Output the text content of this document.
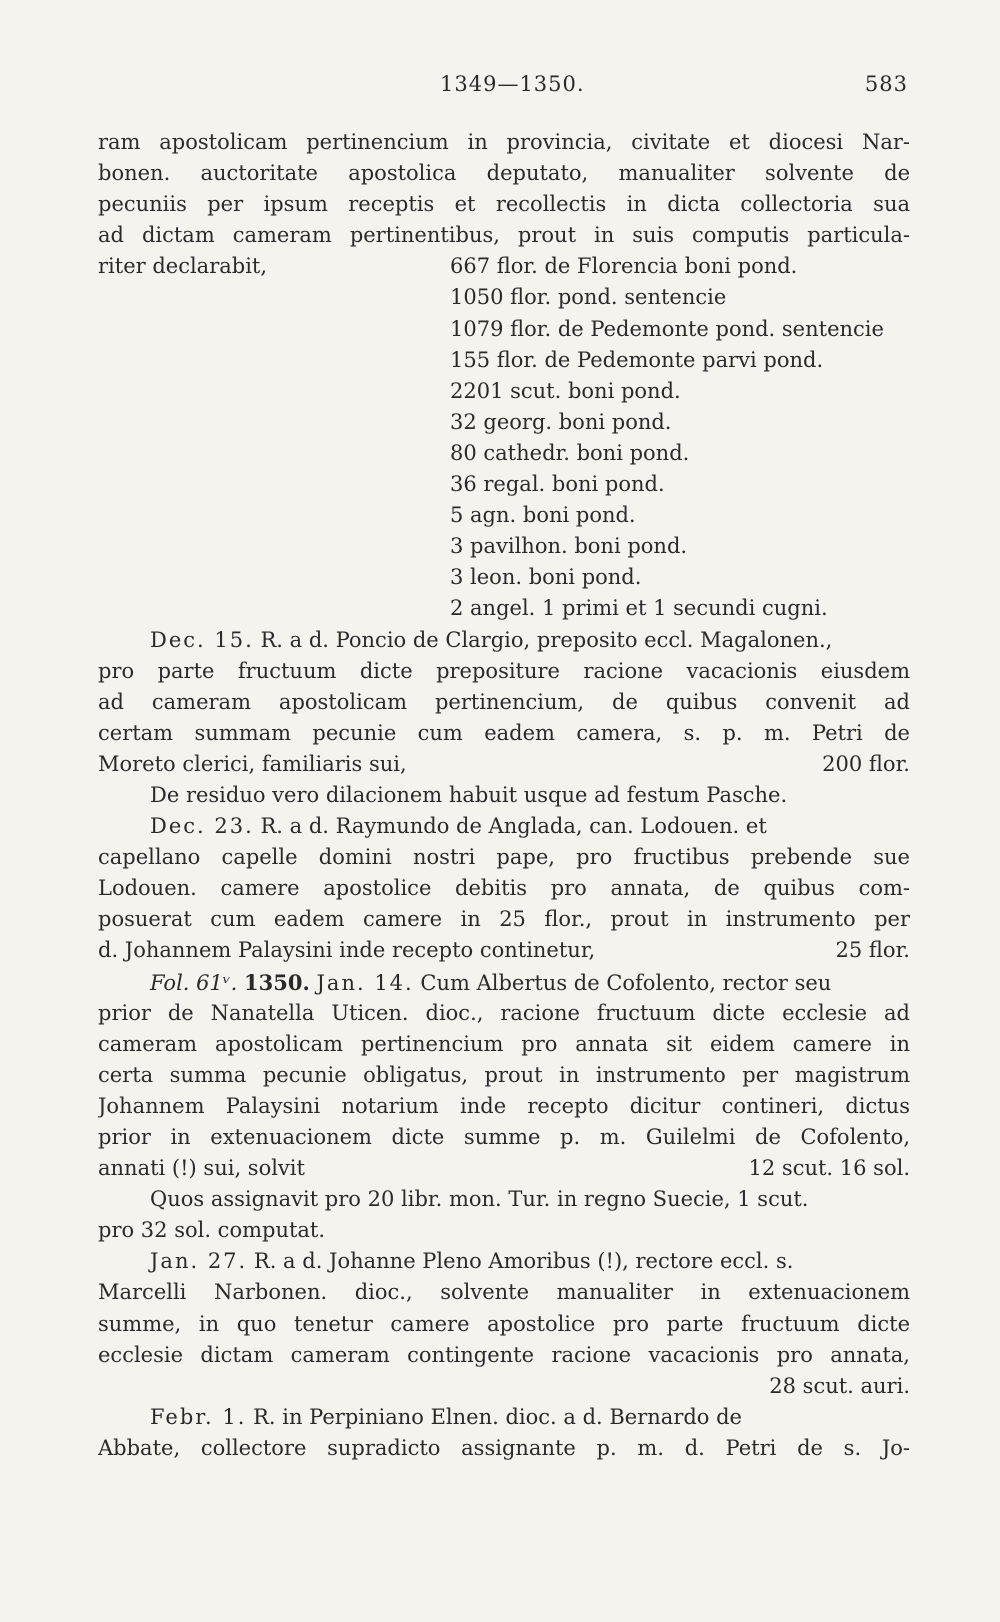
1349—1350.	583
ram apostolicam pertinencium in provincia, civitate et diocesi Nar-
bonen. auctoritate apostolica deputato, manualiter solvente de
pecuniis per ipsum receptis et recollectis in dicta collectoria sua
ad dictam cameram pertinentibus, prout in suis computis particula-
riter declarabit,	667 flor. de Florencia boni pond.
1050 flor. pond. sentencie
1079 flor. de Pedemonte pond. sentencie
155 flor. de Pedemonte parvi pond.
2201 scut. boni pond.
32 georg. boni pond.
80 cathedr. boni pond.
36 regal. boni pond.
5 agn. boni pond.
3 pavilhon. boni pond.
3 leon. boni pond.
2 angel. 1 primi et 1 secundi cugni.
Dec. 15. R. a d. Poncio de Clargio, preposito eccl. Magalonen.,
pro parte fructuum dicte prepositure racione vacacionis eiusdem
ad cameram apostolicam pertinencium, de quibus convenit ad
certam summam pecunie cum eadem camera, s. p. m. Petri de
Moreto clerici, familiaris sui,	200 flor.
De residuo vero dilacionem habuit usque ad festum Pasche.
Dec. 23. R. a d. Raymundo de Anglada, can. Lodouen. et
capellano capelle domini nostri pape, pro fructibus prebende sue
Lodouen. camere apostolice debitis pro annata, de quibus com-
posuerat cum eadem camere in 25 flor., prout in instrumento per
d. Johannem Palaysini inde recepto continetur,	25 flor.
Fol. 61ᵛ. 1350. Jan. 14. Cum Albertus de Cofolento, rector seu
prior de Nanatella Uticen. dioc., racione fructuum dicte ecclesie ad
cameram apostolicam pertinencium pro annata sit eidem camere in
certa summa pecunie obligatus, prout in instrumento per magistrum
Johannem Palaysini notarium inde recepto dicitur contineri, dictus
prior in extenuacionem dicte summe p. m. Guilelmi de Cofolento,
annati (!) sui, solvit	12 scut. 16 sol.
Quos assignavit pro 20 libr. mon. Tur. in regno Suecie, 1 scut.
pro 32 sol. computat.
Jan. 27. R. a d. Johanne Pleno Amoribus (!), rectore eccl. s.
Marcelli Narbonen. dioc., solvente manualiter in extenuacionem
summe, in quo tenetur camere apostolice pro parte fructuum dicte
ecclesie dictam cameram contingente racione vacacionis pro annata,
28 scut. auri.
Febr. 1. R. in Perpiniano Elnen. dioc. a d. Bernardo de
Abbate, collectore supradicto assignante p. m. d. Petri de s. Jo-
